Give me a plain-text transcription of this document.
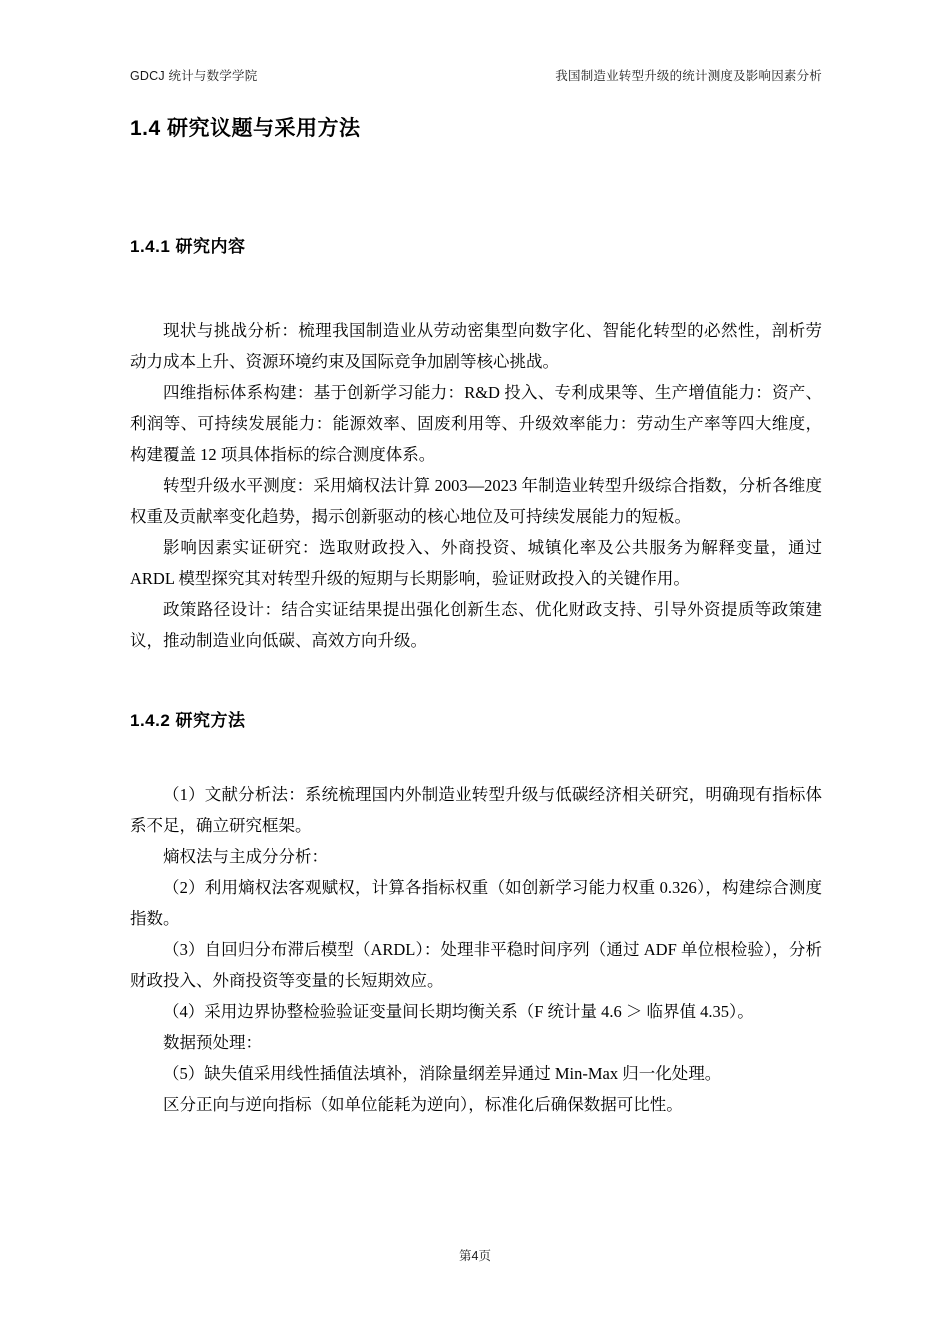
GDCJ 统计与数学学院	我国制造业转型升级的统计测度及影响因素分析
1.4 研究议题与采用方法
1.4.1 研究内容

现状与挑战分析：梳理我国制造业从劳动密集型向数字化、智能化转型的必然性，剖析劳动力成本上升、资源环境约束及国际竞争加剧等核心挑战。

四维指标体系构建：基于创新学习能力：R&D 投入、专利成果等、生产增值能力：资产、利润等、可持续发展能力：能源效率、固废利用等、升级效率能力：劳动生产率等四大维度，构建覆盖 12 项具体指标的综合测度体系。

转型升级水平测度：采用熵权法计算 2003—2023 年制造业转型升级综合指数，分析各维度权重及贡献率变化趋势，揭示创新驱动的核心地位及可持续发展能力的短板。

影响因素实证研究：选取财政投入、外商投资、城镇化率及公共服务为解释变量，通过 ARDL 模型探究其对转型升级的短期与长期影响，验证财政投入的关键作用。

政策路径设计：结合实证结果提出强化创新生态、优化财政支持、引导外资提质等政策建议，推动制造业向低碳、高效方向升级。

1.4.2 研究方法

（1）文献分析法：系统梳理国内外制造业转型升级与低碳经济相关研究，明确现有指标体系不足，确立研究框架。

熵权法与主成分分析：

（2）利用熵权法客观赋权，计算各指标权重（如创新学习能力权重 0.326），构建综合测度指数。

（3）自回归分布滞后模型（ARDL）：处理非平稳时间序列（通过 ADF 单位根检验），分析财政投入、外商投资等变量的长短期效应。

（4）采用边界协整检验验证变量间长期均衡关系（F 统计量 4.6 ＞ 临界值 4.35）。

数据预处理：

（5）缺失值采用线性插值法填补，消除量纲差异通过 Min-Max 归一化处理。

区分正向与逆向指标（如单位能耗为逆向），标准化后确保数据可比性。

第4页
